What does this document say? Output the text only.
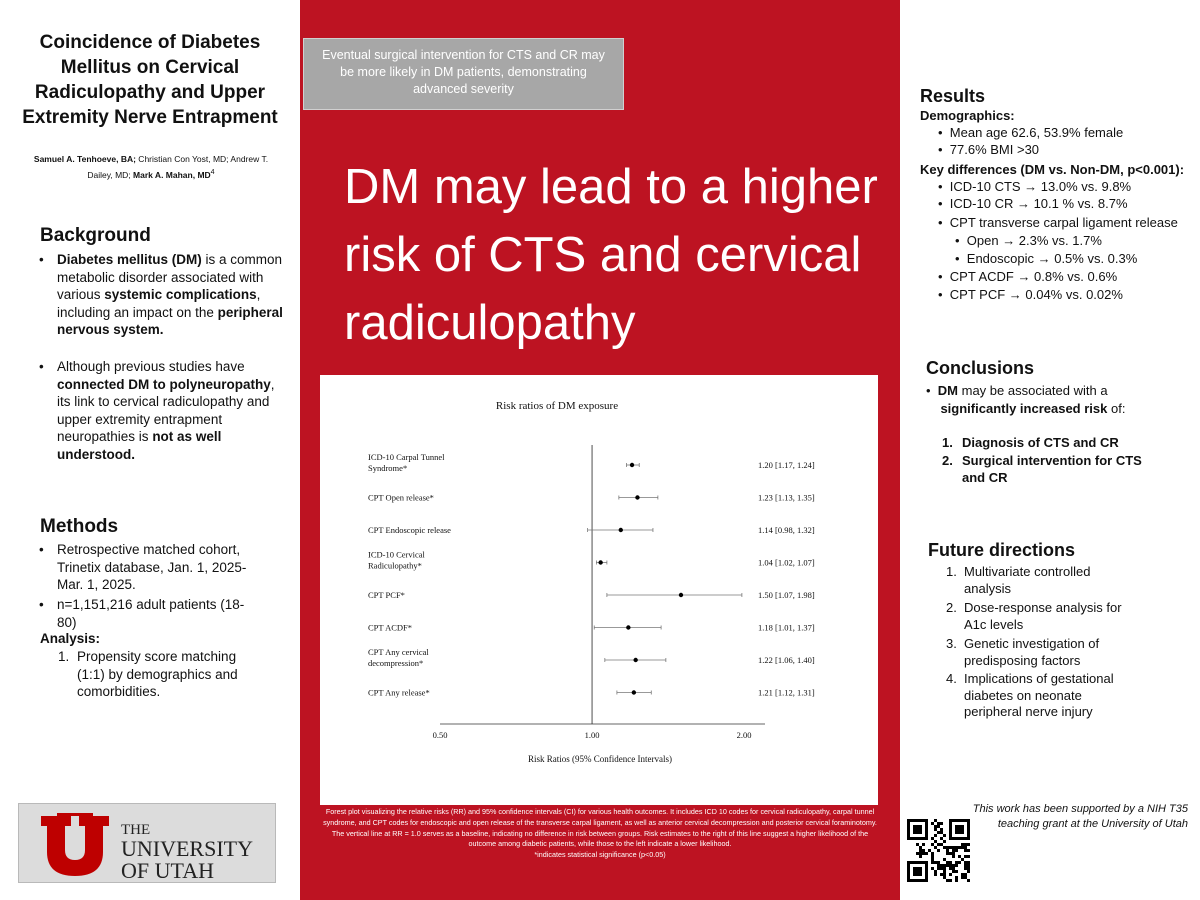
Coincidence of Diabetes Mellitus on Cervical Radiculopathy and Upper Extremity Nerve Entrapment
Samuel A. Tenhoeve, BA; Christian Con Yost, MD; Andrew T. Dailey, MD; Mark A. Mahan, $MD^4$
Background
• Diabetes mellitus (DM) is a common metabolic disorder associated with various systemic complications, including an impact on the peripheral nervous system.
• Although previous studies have connected DM to polyneuropathy, its link to cervical radiculopathy and upper extremity entrapment neuropathies is not as well understood.
Methods
• Retrospective matched cohort, Trinetix database, Jan. 1, 2025-Mar. 1, 2025.
• n=1,151,216 adult patients (18-80)
Analysis:
1. Propensity score matching (1:1) by demographics and comorbidities.
THE
UNIVERSITY
OF UTAH
Eventual surgical intervention for CTS and CR may be more likely in DM patients, demonstrating advanced severity
DM may lead to a higher risk of CTS and cervical radiculopathy
Risk ratios of DM exposure
ICD-10 Carpal Tunnel
Syndrome*	1.20 [1.17, 1.24]
CPT Open release*	1.23 [1.13, 1.35]
CPT Endoscopic release	1.14 [0.98, 1.32]
ICD-10 Cervical
Radiculopathy*	1.04 [1.02, 1.07]
CPT PCF*	1.50 [1.07, 1.98]
CPT ACDF*	1.18 [1.01, 1.37]
CPT Any cervical
decompression*	1.22 [1.06, 1.40]
CPT Any release*	1.21 [1.12, 1.31]
0.50	1.00	2.00
Risk Ratios (95% Confidence Intervals)
Forest plot visualizing the relative risks (RR) and 95% confidence intervals (CI) for various health outcomes. It includes ICD 10 codes for cervical radiculopathy, carpal tunnel syndrome, and CPT codes for endoscopic and open release of the transverse carpal ligament, as well as anterior cervical decompression and posterior cervical foraminotomy. The vertical line at RR = 1.0 serves as a baseline, indicating no difference in risk between groups. Risk estimates to the right of this line suggest a higher likelihood of the outcome among diabetic patients, while those to the left indicate a lower likelihood.
*indicates statistical significance (p<0.05)
Results
Demographics:
•  Mean age 62.6, 53.9% female
•  77.6% BMI >30
Key differences (DM vs. Non-DM, p<0.001):
•  ICD-10 CTS → 13.0% vs. 9.8%
•  ICD-10 CR → 10.1 % vs. 8.7%
•  CPT transverse carpal ligament release
•  Open → 2.3% vs. 1.7%
•  Endoscopic → 0.5% vs. 0.3%
•  CPT ACDF → 0.8% vs. 0.6%
•  CPT PCF → 0.04% vs. 0.02%
Conclusions
•  DM may be associated with a
significantly increased risk of:
1. Diagnosis of CTS and CR
2. Surgical intervention for CTS and CR
Future directions
1. Multivariate controlled analysis
2. Dose-response analysis for A1c levels
3. Genetic investigation of predisposing factors
4. Implications of gestational diabetes on neonate peripheral nerve injury
This work has been supported by a NIH T35 teaching grant at the University of Utah
